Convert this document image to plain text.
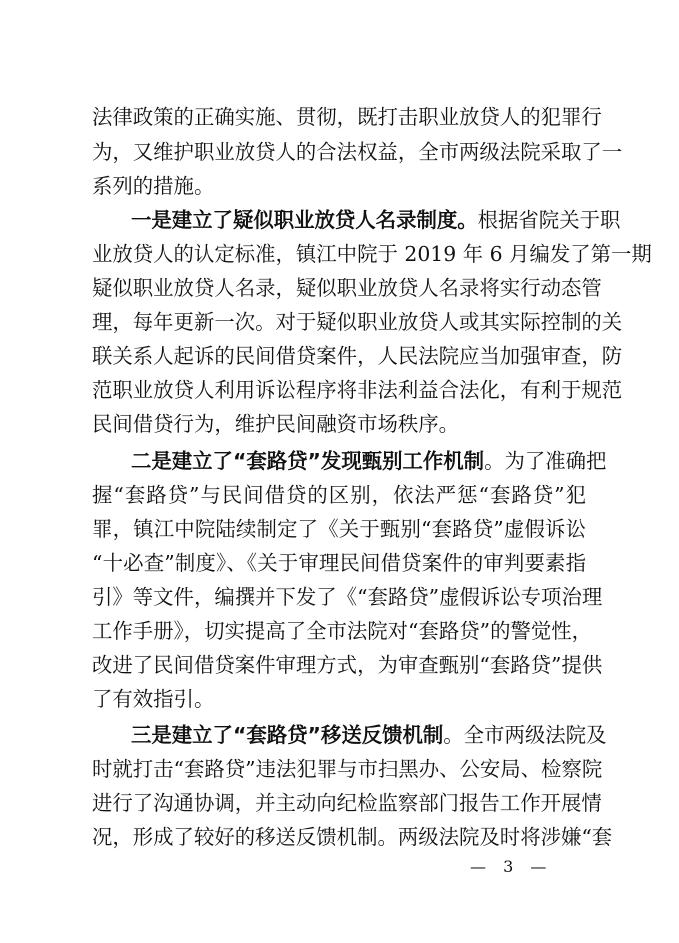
法律政策的正确实施、贯彻，既打击职业放贷人的犯罪行
为，又维护职业放贷人的合法权益，全市两级法院采取了一
系列的措施。
一是建立了疑似职业放贷人名录制度。根据省院关于职
业放贷人的认定标准，镇江中院于 2019 年 6 月编发了第一期
疑似职业放贷人名录，疑似职业放贷人名录将实行动态管
理，每年更新一次。对于疑似职业放贷人或其实际控制的关
联关系人起诉的民间借贷案件，人民法院应当加强审查，防
范职业放贷人利用诉讼程序将非法利益合法化，有利于规范
民间借贷行为，维护民间融资市场秩序。
二是建立了“套路贷”发现甄别工作机制。为了准确把
握“套路贷”与民间借贷的区别，依法严惩“套路贷”犯
罪，镇江中院陆续制定了《关于甄别“套路贷”虚假诉讼
“十必查”制度》、《关于审理民间借贷案件的审判要素指
引》等文件，编撰并下发了《“套路贷”虚假诉讼专项治理
工作手册》，切实提高了全市法院对“套路贷”的警觉性，
改进了民间借贷案件审理方式，为审查甄别“套路贷”提供
了有效指引。
三是建立了“套路贷”移送反馈机制。全市两级法院及
时就打击“套路贷”违法犯罪与市扫黑办、公安局、检察院
进行了沟通协调，并主动向纪检监察部门报告工作开展情
况，形成了较好的移送反馈机制。两级法院及时将涉嫌“套
— 3 —
